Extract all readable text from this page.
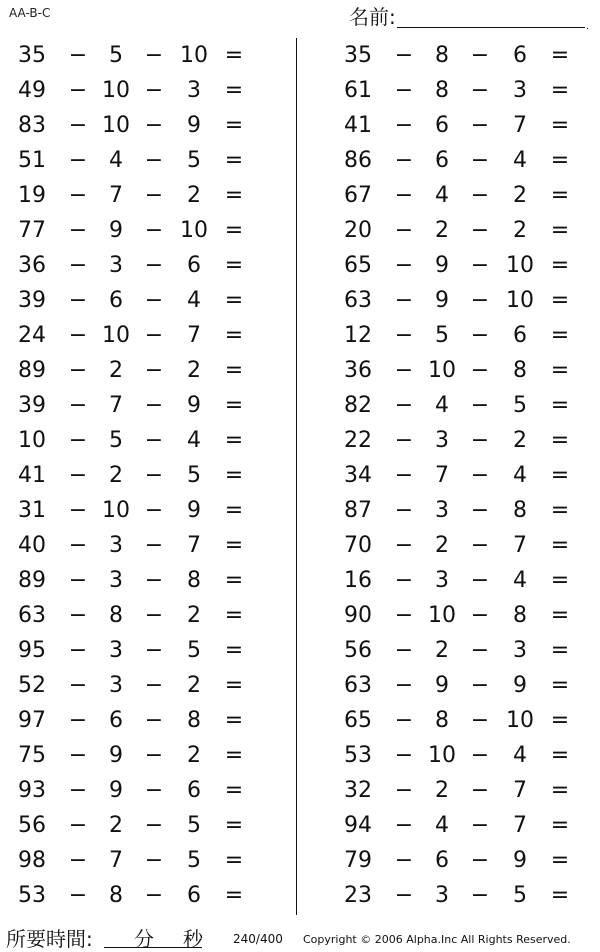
AA-B-C	名前:	.
35 − 5 − 10 =
49 − 10 −	3	=
83 − 10 −	9	=
51 − 4 −	5	=
19 − 7 −	2	=
77 − 9 − 10 =
36 − 3 −	6	=
39 − 6 −	4	=
24 − 10 −	7	=
89 − 2 −	2	=
39 − 7 −	9	=
10 − 5 −	4	=
41 − 2 −	5	=
31 − 10 −	9	=
40 − 3 −	7	=
89 − 3 −	8	=
63 − 8 −	2	=
95 − 3 −	5	=
52 − 3 −	2	=
97 − 6 −	8	=
75 − 9 −	2	=
93 − 9 −	6	=
56 − 2 −	5	=
98 − 7 −	5	=
53 − 8 −	6	=
35 − 8 −	6	=
61 − 8 −	3	=
41 − 6 −	7	=
86 − 6 −	4	=
67 − 4 −	2	=
20 − 2 −	2	=
65 − 9 − 10 =
63 − 9 − 10 =
12 − 5 −	6	=
36 − 10 −	8	=
82 − 4 −	5	=
22 − 3 −	2	=
34 − 7 −	4	=
87 − 3 −	8	=
70 − 2 −	7	=
16 − 3 −	4	=
90 − 10 −	8	=
56 − 2 −	3	=
63 − 9 −	9	=
65 − 8 − 10 =
53 − 10 −	4	=
32 − 2 −	7	=
94 − 4 −	7	=
79 − 6 −	9	=
23 − 3 −	5	=
所要時間: 分 秒	240/400 Copyright © 2006 Alpha.Inc All Rights Reserved.
